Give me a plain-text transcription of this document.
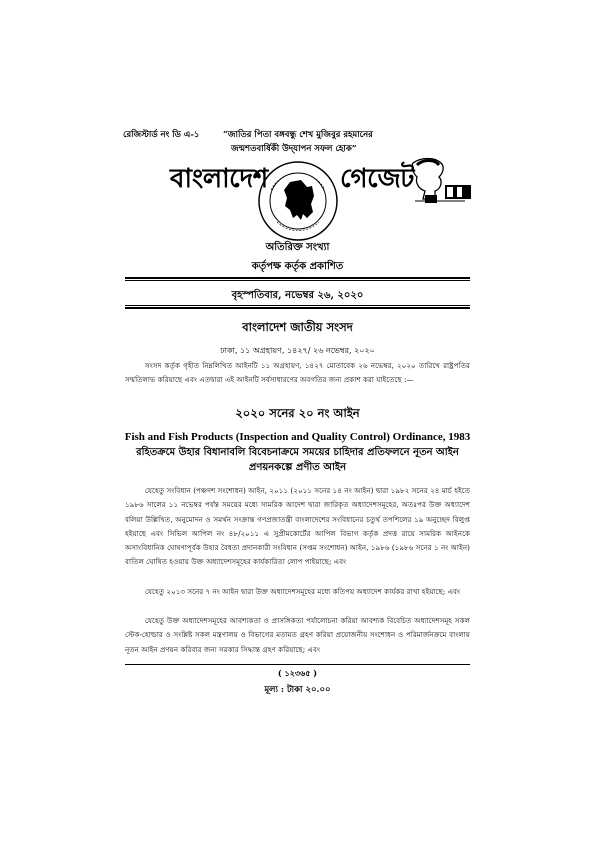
রেজিস্টার্ড নং ডি এ-১	“জাতির পিতা বঙ্গবন্ধু শেখ মুজিবুর রহমানের
জন্মশতবার্ষিকী উদ্‌যাপন সফল হোক”
বাংলাদেশ	গেজেট
অতিরিক্ত সংখ্যা
কর্তৃপক্ষ কর্তৃক প্রকাশিত
বৃহস্পতিবার, নভেম্বর ২৬, ২০২০
বাংলাদেশ জাতীয় সংসদ
ঢাকা, ১১ অগ্রহায়ণ, ১৪২৭/ ২৬ নভেম্বর, ২০২০
সংসদ কর্তৃক গৃহীত নিম্নলিখিত আইনটি ১১ অগ্রহায়ণ, ১৪২৭ মোতাবেক ২৬ নভেম্বর, ২০২০ তারিখে রাষ্ট্রপতির সম্মতিলাভ করিয়াছে এবং এতদ্বারা এই আইনটি সর্বসাধারণের অবগতির জন্য প্রকাশ করা যাইতেছে :—
২০২০ সনের ২০ নং আইন
Fish and Fish Products (Inspection and Quality Control) Ordinance, 1983 রহিতক্রমে উহার বিধানাবলি বিবেচনাক্রমে সময়ের চাহিদার প্রতিফলনে নূতন আইন প্রণয়নকল্পে প্রণীত আইন
যেহেতু সংবিধান (পঞ্চদশ সংশোধন) আইন, ২০১১ (২০১১ সনের ১৪ নং আইন) দ্বারা ১৯৮২ সনের ২৪ মার্চ হইতে ১৯৮৬ সালের ১১ নভেম্বর পর্যন্ত সময়ের মধ্যে সামরিক আদেশ দ্বারা জারিকৃত অধ্যাদেশসমূহের, অতঃপর উক্ত অধ্যাদেশ বলিয়া উল্লিখিত, অনুমোদন ও সমর্থন সংক্রান্ত গণপ্রজাতন্ত্রী বাংলাদেশের সংবিধানের চতুর্থ তপশিলের ১৯ অনুচ্ছেদ বিলুপ্ত হইয়াছে এবং সিভিল আপিল নং ৪৮/২০১১ এ সুপ্রীমকোর্টের আপিল বিভাগ কর্তৃক প্রদত্ত রায়ে সামরিক আইনকে অসাংবিধানিক ঘোষণাপূর্বক উহার বৈধতা প্রদানকারী সংবিধান (সপ্তম সংশোধন) আইন, ১৯৮৬ (১৯৮৬ সনের ১ নং আইন) বাতিল ঘোষিত হওয়ায় উক্ত অধ্যাদেশসমূহের কার্যকারিতা লোপ পাইয়াছে; এবং
যেহেতু ২০১৩ সনের ৭ নং আইন দ্বারা উক্ত অধ্যাদেশসমূহের মধ্যে কতিপয় অধ্যাদেশ কার্যকর রাখা হইয়াছে; এবং
যেহেতু উক্ত অধ্যাদেশসমূহের আবশ্যকতা ও প্রাসঙ্গিকতা পর্যালোচনা করিয়া আবশ্যক বিবেচিত অধ্যাদেশসমূহ সকল স্টেক-হোল্ডার ও সংশ্লিষ্ট সকল মন্ত্রণালয় ও বিভাগের মতামত গ্রহণ করিয়া প্রয়োজনীয় সংশোধন ও পরিমার্জনক্রমে বাংলায় নূতন আইন প্রণয়ন করিবার জন্য সরকার সিদ্ধান্ত গ্রহণ করিয়াছে; এবং
( ১২৩৬৫ )
মূল্য : টাকা ২০.০০
